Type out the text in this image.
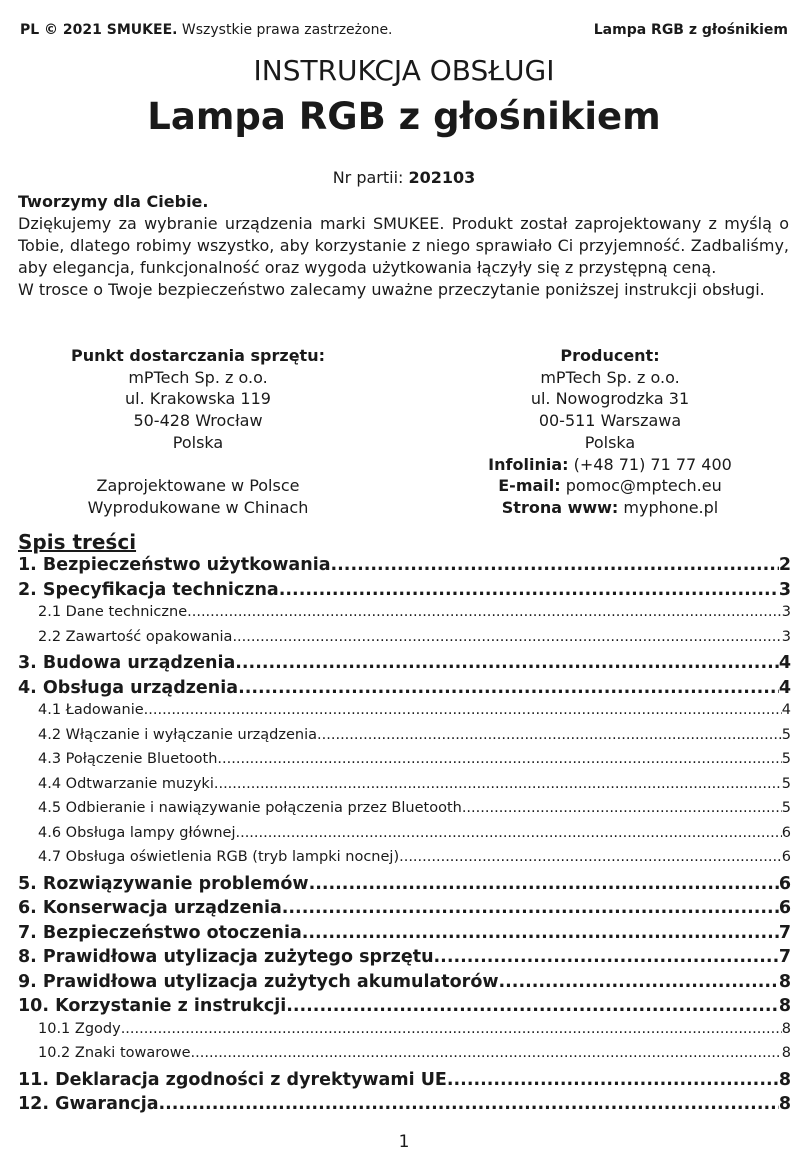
PL © 2021 SMUKEE. Wszystkie prawa zastrzeżone.	Lampa RGB z głośnikiem
INSTRUKCJA OBSŁUGI
Lampa RGB z głośnikiem
Nr partii: 202103

Tworzymy dla Ciebie.

Dziękujemy za wybranie urządzenia marki SMUKEE. Produkt został zaprojektowany z myślą o Tobie, dlatego robimy wszystko, aby korzystanie z niego sprawiało Ci przyjemność. Zadbaliśmy, aby elegancja, funkcjonalność oraz wygoda użytkowania łączyły się z przystępną ceną.

W trosce o Twoje bezpieczeństwo zalecamy uważne przeczytanie poniższej instrukcji obsługi.

Punkt dostarczania sprzętu:
mPTech Sp. z o.o.
ul. Krakowska 119
50-428 Wrocław
Polska
Zaprojektowane w Polsce
Wyprodukowane w Chinach
Producent:
mPTech Sp. z o.o.
ul. Nowogrodzka 31
00-511 Warszawa
Polska
Infolinia: (+48 71) 71 77 400
E-mail: pomoc@mptech.eu
Strona www: myphone.pl
Spis treści
1. Bezpieczeństwo użytkowania .....	2
2. Specyfikacja techniczna .....	3
2.1 Dane techniczne .....	3
2.2 Zawartość opakowania .....	3
3. Budowa urządzenia .....	4
4. Obsługa urządzenia .....	4
4.1 Ładowanie .....	4
4.2 Włączanie i wyłączanie urządzenia .....	5
4.3 Połączenie Bluetooth .....	5
4.4 Odtwarzanie muzyki .....	5
4.5 Odbieranie i nawiązywanie połączenia przez Bluetooth .....	5
4.6 Obsługa lampy głównej .....	6
4.7 Obsługa oświetlenia RGB (tryb lampki nocnej) .....	6
5. Rozwiązywanie problemów .....	6
6. Konserwacja urządzenia .....	6
7. Bezpieczeństwo otoczenia .....	7
8. Prawidłowa utylizacja zużytego sprzętu .....	7
9. Prawidłowa utylizacja zużytych akumulatorów .....	8
10. Korzystanie z instrukcji .....	8
10.1 Zgody .....	8
10.2 Znaki towarowe .....	8
11. Deklaracja zgodności z dyrektywami UE .....	8
12. Gwarancja .....	8
1
